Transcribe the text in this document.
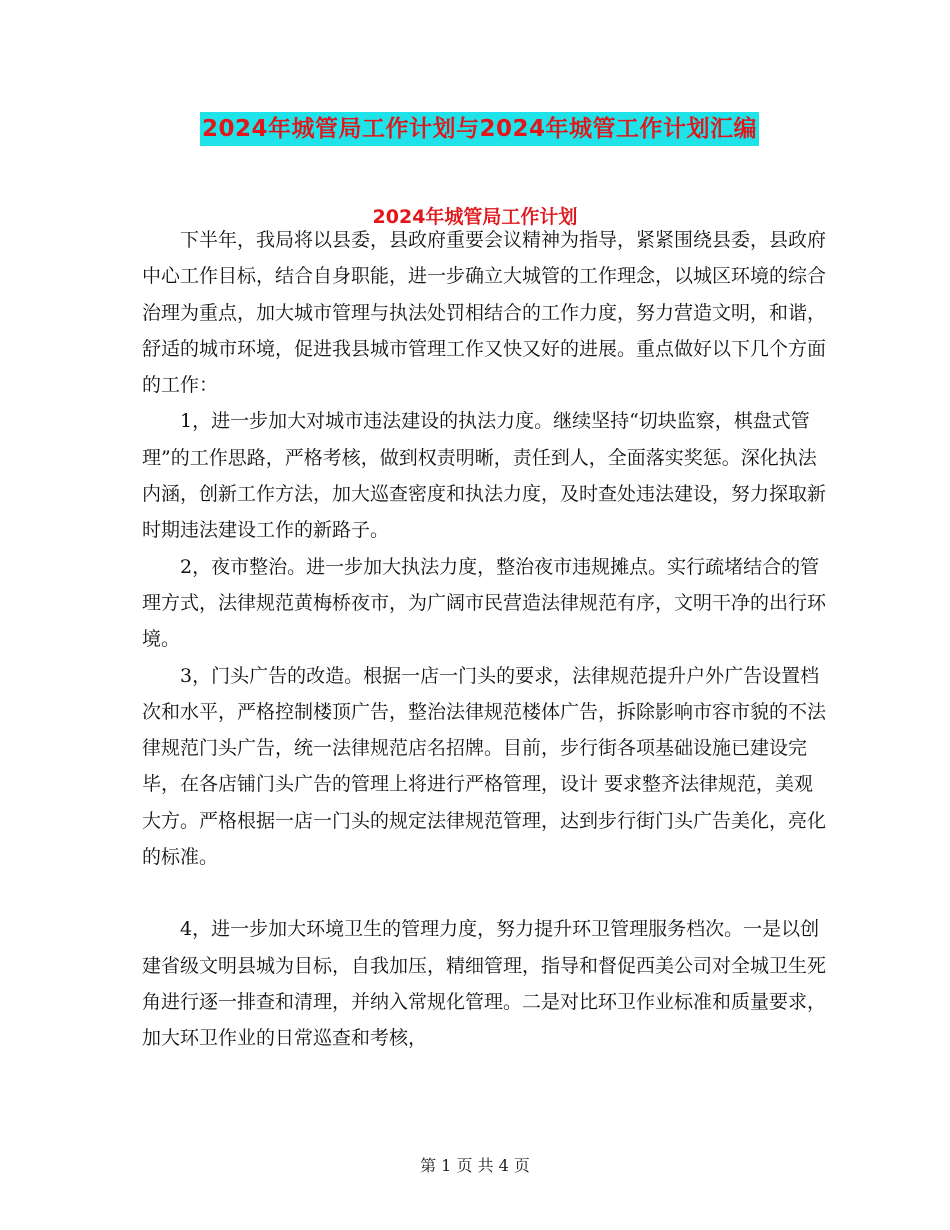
2024年城管局工作计划与2024年城管工作计划汇编
2024年城管局工作计划

下半年，我局将以县委，县政府重要会议精神为指导，紧紧围绕县委，县政府中心工作目标，结合自身职能，进一步确立大城管的工作理念，以城区环境的综合治理为重点，加大城市管理与执法处罚相结合的工作力度，努力营造文明，和谐，舒适的城市环境，促进我县城市管理工作又快又好的进展。重点做好以下几个方面的工作：

1，进一步加大对城市违法建设的执法力度。继续坚持“切块监察，棋盘式管理”的工作思路，严格考核，做到权责明晰，责任到人，全面落实奖惩。深化执法内涵，创新工作方法，加大巡查密度和执法力度，及时查处违法建设，努力探取新时期违法建设工作的新路子。

2，夜市整治。进一步加大执法力度，整治夜市违规摊点。实行疏堵结合的管理方式，法律规范黄梅桥夜市，为广阔市民营造法律规范有序，文明干净的出行环境。

3，门头广告的改造。根据一店一门头的要求，法律规范提升户外广告设置档次和水平，严格控制楼顶广告，整治法律规范楼体广告，拆除影响市容市貌的不法律规范门头广告，统一法律规范店名招牌。目前，步行街各项基础设施已建设完毕，在各店铺门头广告的管理上将进行严格管理，设计 要求整齐法律规范，美观大方。严格根据一店一门头的规定法律规范管理，达到步行街门头广告美化，亮化的标准。

4，进一步加大环境卫生的管理力度，努力提升环卫管理服务档次。一是以创建省级文明县城为目标，自我加压，精细管理，指导和督促西美公司对全城卫生死角进行逐一排查和清理，并纳入常规化管理。二是对比环卫作业标准和质量要求，加大环卫作业的日常巡查和考核，

第 1 页 共 4 页
